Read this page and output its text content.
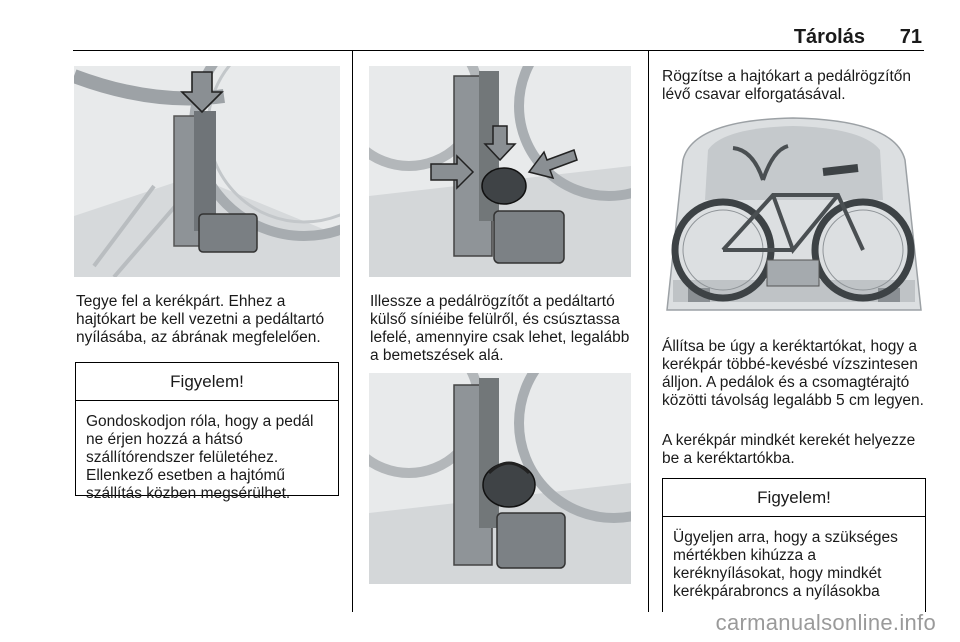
Tárolás 71

Tegye fel a kerékpárt. Ehhez a hajtókart be kell vezetni a pedáltartó nyílásába, az ábrának megfelelően.

Figyelem!

Gondoskodjon róla, hogy a pedál ne érjen hozzá a hátsó szállítórendszer felületéhez. Ellenkező esetben a hajtómű szállítás közben megsérülhet.

Illessze a pedálrögzítőt a pedáltartó külső síniéibe felülről, és csúsztassa lefelé, amennyire csak lehet, legalább a bemetszések alá.

Rögzítse a hajtókart a pedálrögzítőn lévő csavar elforgatásával.

Állítsa be úgy a keréktartókat, hogy a kerékpár többé-kevésbé vízszintesen álljon. A pedálok és a csomagtérajtó közötti távolság legalább 5 cm legyen.

A kerékpár mindkét kerekét helyezze be a keréktartókba.

Figyelem!

Ügyeljen arra, hogy a szükséges mértékben kihúzza a keréknyílásokat, hogy mindkét kerékpárabroncs a nyílásokba

carmanualsonline.info
